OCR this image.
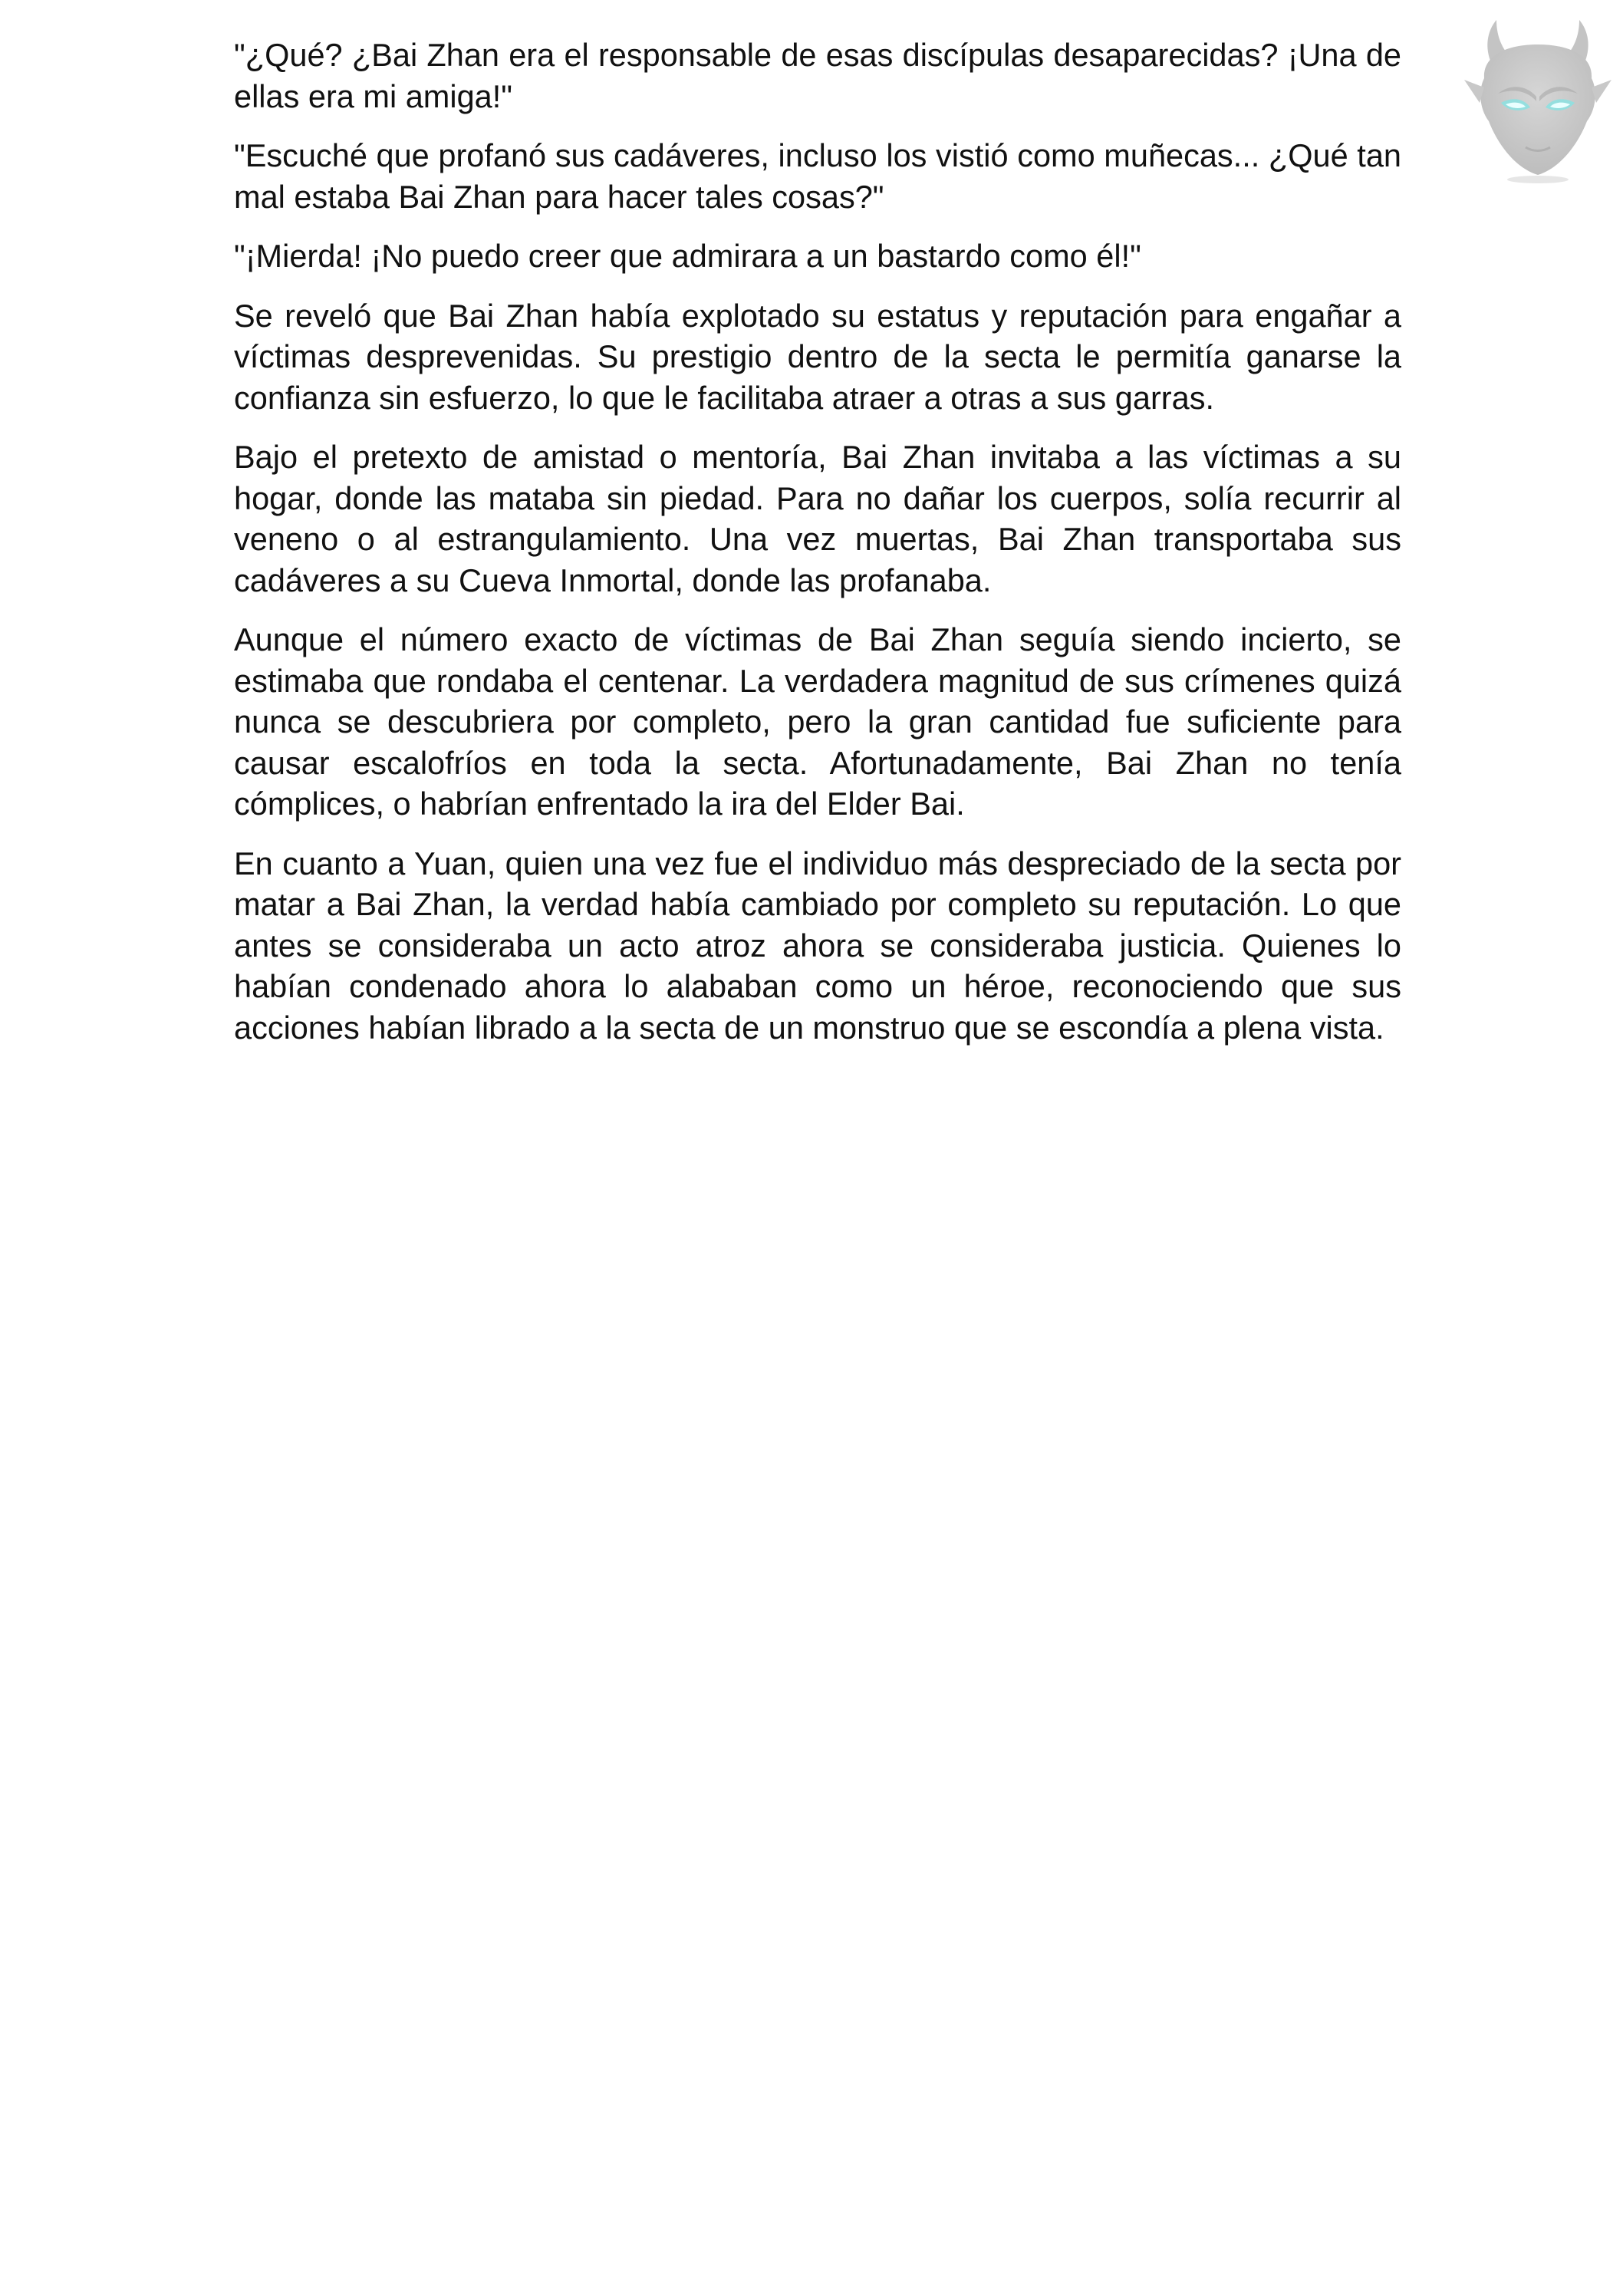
"¿Qué? ¿Bai Zhan era el responsable de esas discípulas desaparecidas? ¡Una de ellas era mi amiga!"

"Escuché que profanó sus cadáveres, incluso los vistió como muñecas... ¿Qué tan mal estaba Bai Zhan para hacer tales cosas?"

"¡Mierda! ¡No puedo creer que admirara a un bastardo como él!"

Se reveló que Bai Zhan había explotado su estatus y reputación para engañar a víctimas desprevenidas. Su prestigio dentro de la secta le permitía ganarse la confianza sin esfuerzo, lo que le facilitaba atraer a otras a sus garras.

Bajo el pretexto de amistad o mentoría, Bai Zhan invitaba a las víctimas a su hogar, donde las mataba sin piedad. Para no dañar los cuerpos, solía recurrir al veneno o al estrangulamiento. Una vez muertas, Bai Zhan transportaba sus cadáveres a su Cueva Inmortal, donde las profanaba.

Aunque el número exacto de víctimas de Bai Zhan seguía siendo incierto, se estimaba que rondaba el centenar. La verdadera magnitud de sus crímenes quizá nunca se descubriera por completo, pero la gran cantidad fue suficiente para causar escalofríos en toda la secta. Afortunadamente, Bai Zhan no tenía cómplices, o habrían enfrentado la ira del Elder Bai.

En cuanto a Yuan, quien una vez fue el individuo más despreciado de la secta por matar a Bai Zhan, la verdad había cambiado por completo su reputación. Lo que antes se consideraba un acto atroz ahora se consideraba justicia. Quienes lo habían condenado ahora lo alababan como un héroe, reconociendo que sus acciones habían librado a la secta de un monstruo que se escondía a plena vista.
